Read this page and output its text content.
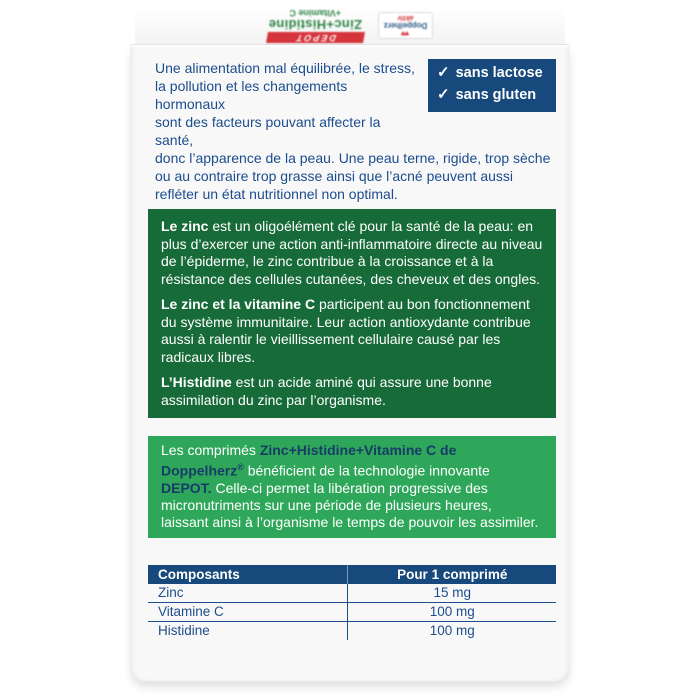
♥♥
Doppelherz
aktiv
DEPOT
Zinc+Histidine
+Vitamine C
✓ sans lactose
✓ sans gluten
Une alimentation mal équilibrée, le stress,
la pollution et les changements hormonaux
sont des facteurs pouvant affecter la santé,
donc l’apparence de la peau. Une peau terne, rigide, trop sèche
ou au contraire trop grasse ainsi que l’acné peuvent aussi
refléter un état nutritionnel non optimal.

Le zinc est un oligoélément clé pour la santé de la peau: en plus d’exercer une action anti-inflammatoire directe au niveau de l’épiderme, le zinc contribue à la croissance et à la résistance des cellules cutanées, des cheveux et des ongles.

Le zinc et la vitamine C participent au bon fonctionnement du système immunitaire. Leur action antioxydante contribue aussi à ralentir le vieillissement cellulaire causé par les radicaux libres.

L’Histidine est un acide aminé qui assure une bonne assimilation du zinc par l’organisme.

Les comprimés Zinc+Histidine+Vitamine C de Doppelherz® bénéficient de la technologie innovante DEPOT. Celle-ci permet la libération progressive des micronutriments sur une période de plusieurs heures, laissant ainsi à l’organisme le temps de pouvoir les assimiler.
Composants	Pour 1 comprimé
Zinc	15 mg
Vitamine C	100 mg
Histidine	100 mg
